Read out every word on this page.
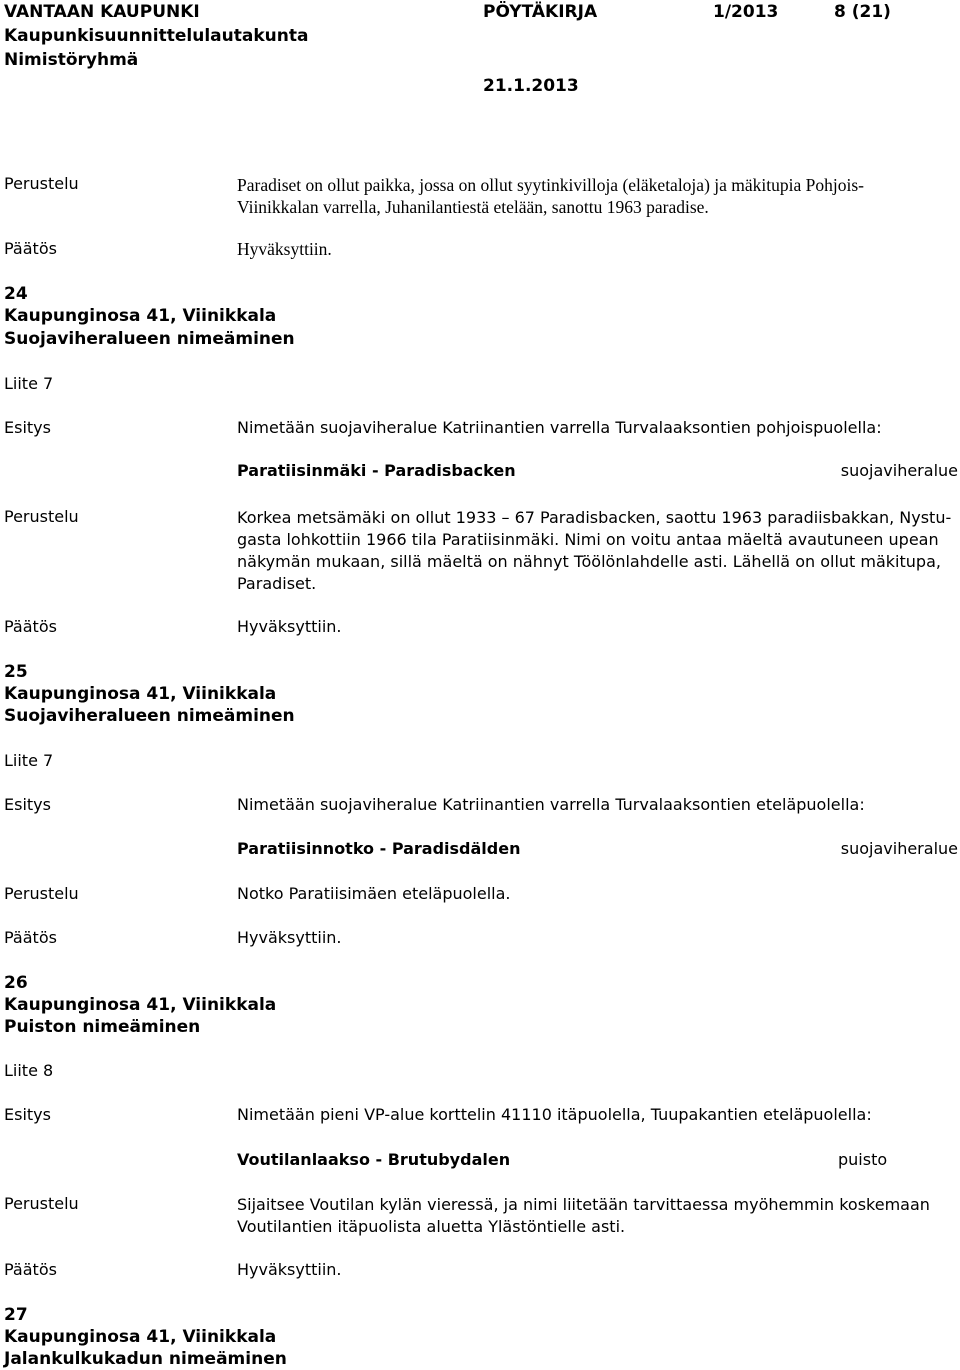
VANTAAN KAUPUNKI	PÖYTÄKIRJA	1/2013	8 (21)
Kaupunkisuunnittelulautakunta
Nimistöryhmä
21.1.2013
Perustelu	Paradiset on ollut paikka, jossa on ollut syytinkivilloja (eläketaloja) ja mäkitupia Pohjois-
Viinikkalan varrella, Juhanilantiestä etelään, sanottu 1963 paradise.
Päätös	Hyväksyttiin.
24
Kaupunginosa 41, Viinikkala
Suojaviheralueen nimeäminen
Liite 7
Esitys	Nimetään suojaviheralue Katriinantien varrella Turvalaaksontien pohjoispuolella:
Paratiisinmäki - Paradisbacken	suojaviheralue
Perustelu	Korkea metsämäki on ollut 1933 – 67 Paradisbacken, saottu 1963 paradiisbakkan, Nystu-
gasta lohkottiin 1966 tila Paratiisinmäki. Nimi on voitu antaa mäeltä avautuneen upean
näkymän mukaan, sillä mäeltä on nähnyt Töölönlahdelle asti. Lähellä on ollut mäkitupa,
Paradiset.
Päätös	Hyväksyttiin.
25
Kaupunginosa 41, Viinikkala
Suojaviheralueen nimeäminen
Liite 7
Esitys	Nimetään suojaviheralue Katriinantien varrella Turvalaaksontien eteläpuolella:
Paratiisinnotko - Paradisdälden	suojaviheralue
Perustelu	Notko Paratiisimäen eteläpuolella.
Päätös	Hyväksyttiin.
26
Kaupunginosa 41, Viinikkala
Puiston nimeäminen
Liite 8
Esitys	Nimetään pieni VP-alue korttelin 41110 itäpuolella, Tuupakantien eteläpuolella:
Voutilanlaakso - Brutubydalen	puisto
Perustelu	Sijaitsee Voutilan kylän vieressä, ja nimi liitetään tarvittaessa myöhemmin koskemaan
Voutilantien itäpuolista aluetta Ylästöntielle asti.
Päätös	Hyväksyttiin.
27
Kaupunginosa 41, Viinikkala
Jalankulkukadun nimeäminen
